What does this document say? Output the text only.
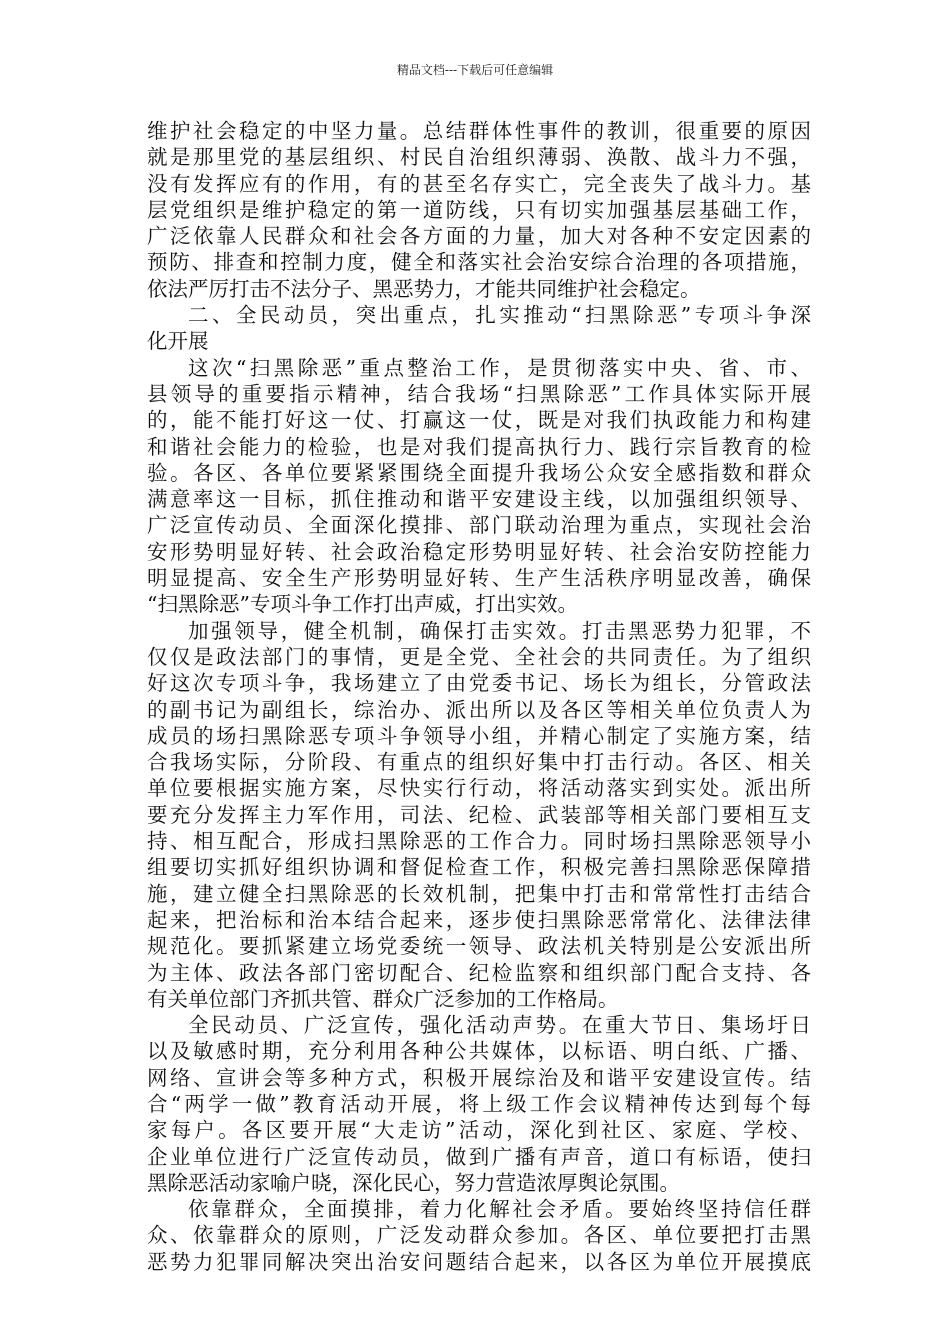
精品文档---下载后可任意编辑
维护社会稳定的中坚力量。总结群体性事件的教训，很重要的原因
就是那里党的基层组织、村民自治组织薄弱、涣散、战斗力不强，
没有发挥应有的作用，有的甚至名存实亡，完全丧失了战斗力。基
层党组织是维护稳定的第一道防线，只有切实加强基层基础工作，
广泛依靠人民群众和社会各方面的力量，加大对各种不安定因素的
预防、排查和控制力度，健全和落实社会治安综合治理的各项措施，
依法严厉打击不法分子、黑恶势力，才能共同维护社会稳定。
二、全民动员，突出重点，扎实推动“扫黑除恶”专项斗争深
化开展
这次“扫黑除恶”重点整治工作，是贯彻落实中央、省、市、
县领导的重要指示精神，结合我场“扫黑除恶”工作具体实际开展
的，能不能打好这一仗、打赢这一仗，既是对我们执政能力和构建
和谐社会能力的检验，也是对我们提高执行力、践行宗旨教育的检
验。各区、各单位要紧紧围绕全面提升我场公众安全感指数和群众
满意率这一目标，抓住推动和谐平安建设主线，以加强组织领导、
广泛宣传动员、全面深化摸排、部门联动治理为重点，实现社会治
安形势明显好转、社会政治稳定形势明显好转、社会治安防控能力
明显提高、安全生产形势明显好转、生产生活秩序明显改善，确保
“扫黑除恶”专项斗争工作打出声威，打出实效。
加强领导，健全机制，确保打击实效。打击黑恶势力犯罪，不
仅仅是政法部门的事情，更是全党、全社会的共同责任。为了组织
好这次专项斗争，我场建立了由党委书记、场长为组长，分管政法
的副书记为副组长，综治办、派出所以及各区等相关单位负责人为
成员的场扫黑除恶专项斗争领导小组，并精心制定了实施方案，结
合我场实际，分阶段、有重点的组织好集中打击行动。各区、相关
单位要根据实施方案，尽快实行行动，将活动落实到实处。派出所
要充分发挥主力军作用，司法、纪检、武装部等相关部门要相互支
持、相互配合，形成扫黑除恶的工作合力。同时场扫黑除恶领导小
组要切实抓好组织协调和督促检查工作，积极完善扫黑除恶保障措
施，建立健全扫黑除恶的长效机制，把集中打击和常常性打击结合
起来，把治标和治本结合起来，逐步使扫黑除恶常常化、法律法律
规范化。要抓紧建立场党委统一领导、政法机关特别是公安派出所
为主体、政法各部门密切配合、纪检监察和组织部门配合支持、各
有关单位部门齐抓共管、群众广泛参加的工作格局。
全民动员、广泛宣传，强化活动声势。在重大节日、集场圩日
以及敏感时期，充分利用各种公共媒体，以标语、明白纸、广播、
网络、宣讲会等多种方式，积极开展综治及和谐平安建设宣传。结
合“两学一做”教育活动开展，将上级工作会议精神传达到每个每
家每户。各区要开展“大走访”活动，深化到社区、家庭、学校、
企业单位进行广泛宣传动员，做到广播有声音，道口有标语，使扫
黑除恶活动家喻户晓，深化民心，努力营造浓厚舆论氛围。
依靠群众，全面摸排，着力化解社会矛盾。要始终坚持信任群
众、依靠群众的原则，广泛发动群众参加。各区、单位要把打击黑
恶势力犯罪同解决突出治安问题结合起来，以各区为单位开展摸底
